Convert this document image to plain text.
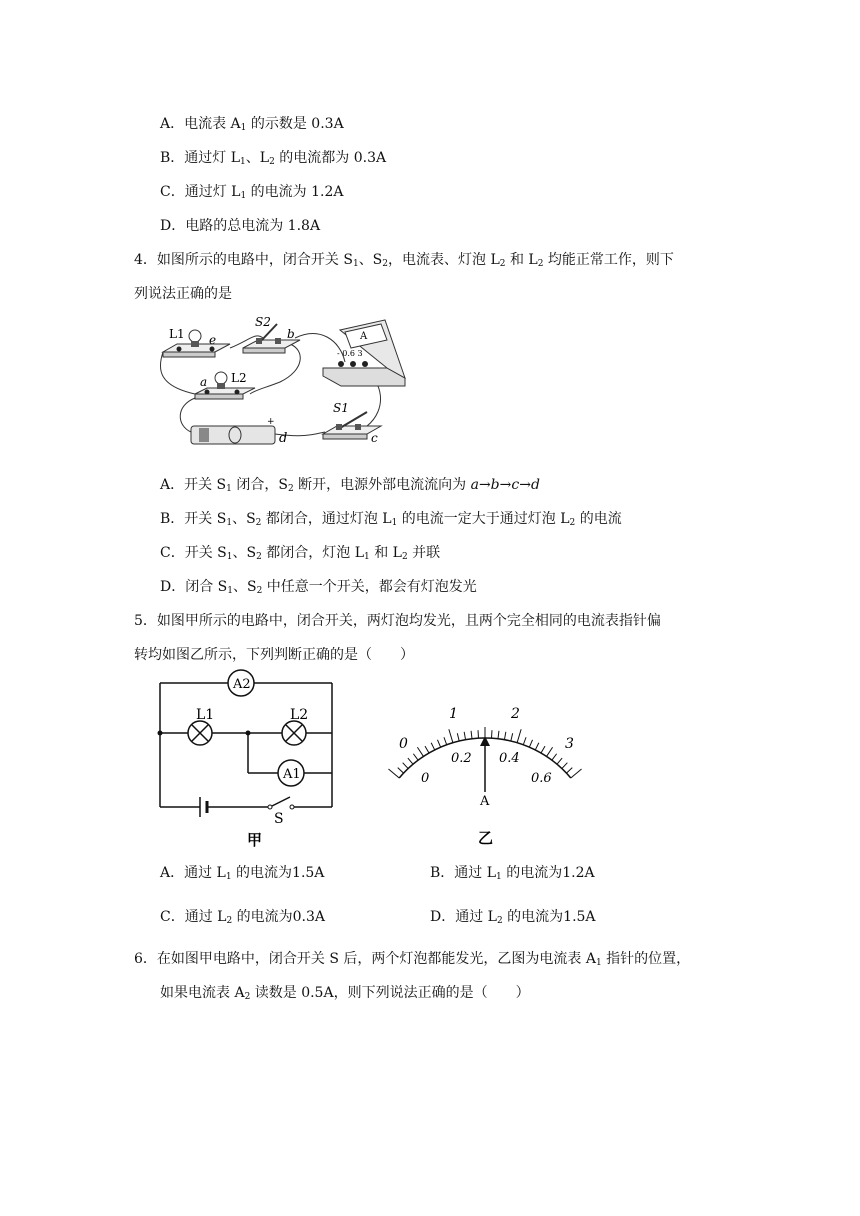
A．电流表 $A_1$ 的示数是 0.3A
B．通过灯 $L_1$、$L_2$ 的电流都为 0.3A
C．通过灯 $L_1$ 的电流为 1.2A
D．电路的总电流为 1.8A
4．如图所示的电路中，闭合开关 $S_1$、$S_2$，电流表、灯泡 $L_2$ 和 $L_2$ 均能正常工作，则下
列说法正确的是
L1 e
S2
b	A
- 0.6 3
a L2
+
d
S1
c
A．开关 $S_1$ 闭合，$S_2$ 断开，电源外部电流流向为 a→b→c→d
B．开关 $S_1$、$S_2$ 都闭合，通过灯泡 $L_1$ 的电流一定大于通过灯泡 $L_2$ 的电流
C．开关 $S_1$、$S_2$ 都闭合，灯泡 $L_1$ 和 $L_2$ 并联
D．闭合 $S_1$、$S_2$ 中任意一个开关，都会有灯泡发光
5．如图甲所示的电路中，闭合开关，两灯泡均发光，且两个完全相同的电流表指针偏
转均如图乙所示，下列判断正确的是（　　）
A2
L1	L2
A1
S
甲
0
1	2
3
0
0.2 0.4
0.6
A
乙
A．通过 $L_1$ 的电流为1.5A	B．通过 $L_1$ 的电流为1.2A
C．通过 $L_2$ 的电流为0.3A	D．通过 $L_2$ 的电流为1.5A
6．在如图甲电路中，闭合开关 S 后，两个灯泡都能发光，乙图为电流表 $A_1$ 指针的位置，
如果电流表 $A_2$ 读数是 0.5A，则下列说法正确的是（　　）
